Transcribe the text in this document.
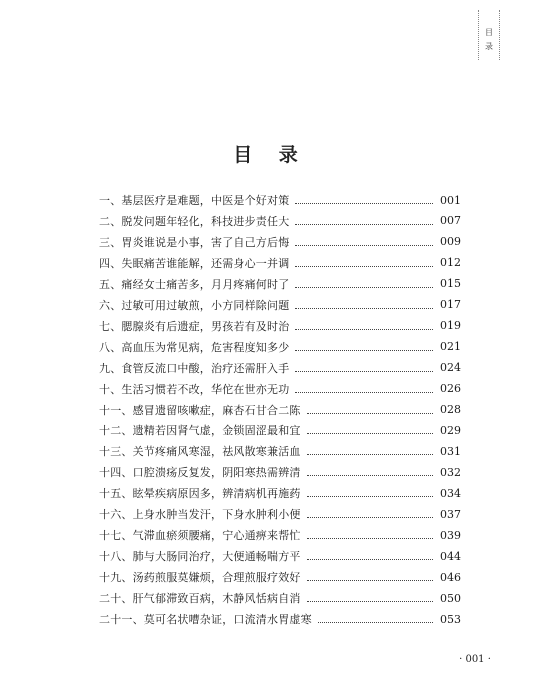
目
录
目 录
一、基层医疗是难题，中医是个好对策	001
二、脱发问题年轻化，科技进步责任大	007
三、胃炎谁说是小事，害了自己方后悔	009
四、失眠痛苦谁能解，还需身心一并调	012
五、痛经女士痛苦多，月月疼痛何时了	015
六、过敏可用过敏煎，小方同样除问题	017
七、腮腺炎有后遗症，男孩若有及时治	019
八、高血压为常见病，危害程度知多少	021
九、食管反流口中酸，治疗还需肝入手	024
十、生活习惯若不改，华佗在世亦无功	026
十一、感冒遗留咳嗽症，麻杏石甘合二陈	028
十二、遗精若因肾气虚，金锁固涩最和宜	029
十三、关节疼痛风寒湿，祛风散寒兼活血	031
十四、口腔溃疡反复发，阴阳寒热需辨清	032
十五、眩晕疾病原因多，辨清病机再施药	034
十六、上身水肿当发汗，下身水肿利小便	037
十七、气滞血瘀须腰痛，宁心通痹来帮忙	039
十八、肺与大肠同治疗，大便通畅喘方平	044
十九、汤药煎服莫嫌烦，合理煎服疗效好	046
二十、肝气郁滞致百病，木静风恬病自消	050
二十一、莫可名状嘈杂证，口流清水胃虚寒	053
· 001 ·
